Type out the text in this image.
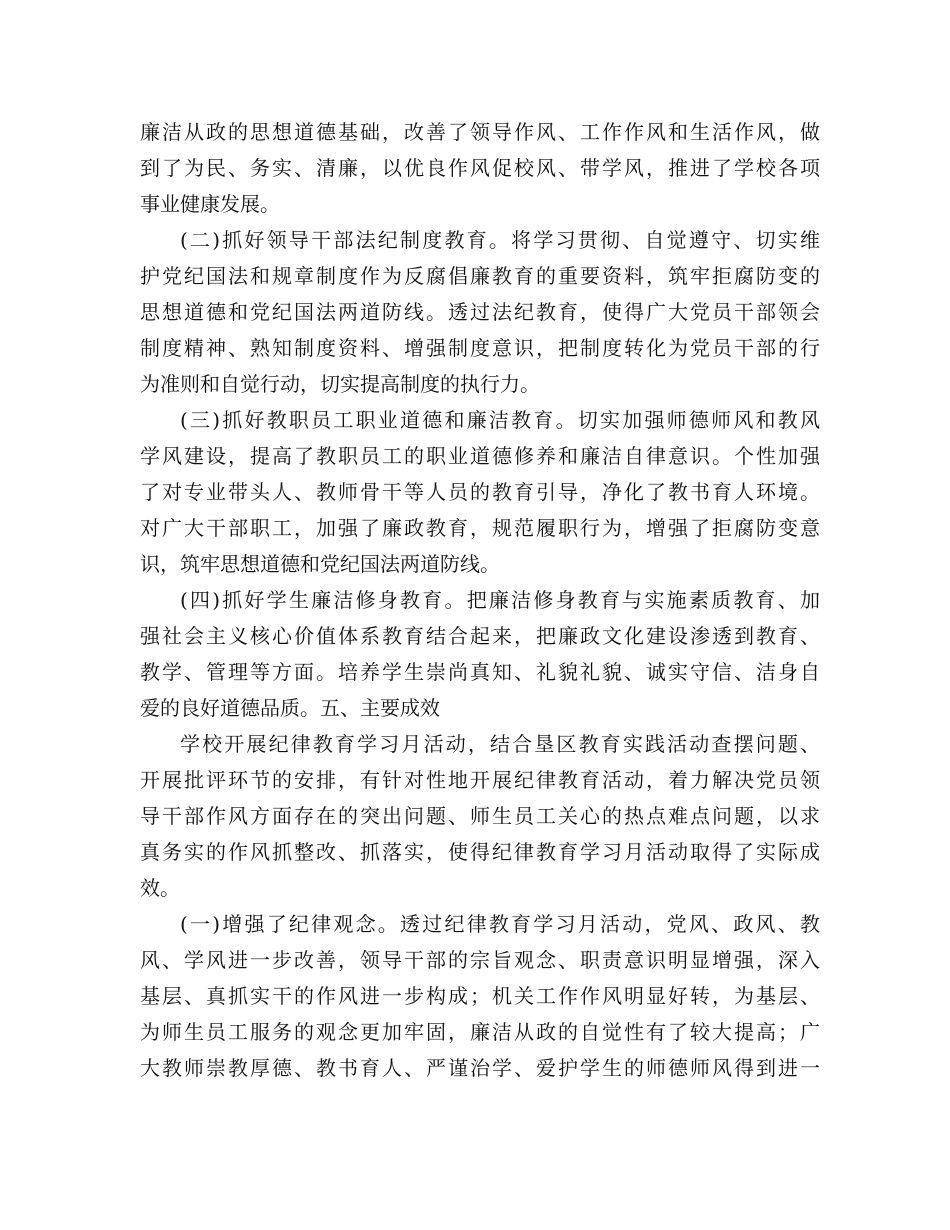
廉洁从政的思想道德基础，改善了领导作风、工作作风和生活作风，做
到了为民、务实、清廉，以优良作风促校风、带学风，推进了学校各项
事业健康发展。
(二)抓好领导干部法纪制度教育。将学习贯彻、自觉遵守、切实维
护党纪国法和规章制度作为反腐倡廉教育的重要资料，筑牢拒腐防变的
思想道德和党纪国法两道防线。透过法纪教育，使得广大党员干部领会
制度精神、熟知制度资料、增强制度意识，把制度转化为党员干部的行
为准则和自觉行动，切实提高制度的执行力。
(三)抓好教职员工职业道德和廉洁教育。切实加强师德师风和教风
学风建设，提高了教职员工的职业道德修养和廉洁自律意识。个性加强
了对专业带头人、教师骨干等人员的教育引导，净化了教书育人环境。
对广大干部职工，加强了廉政教育，规范履职行为，增强了拒腐防变意
识，筑牢思想道德和党纪国法两道防线。
(四)抓好学生廉洁修身教育。把廉洁修身教育与实施素质教育、加
强社会主义核心价值体系教育结合起来，把廉政文化建设渗透到教育、
教学、管理等方面。培养学生崇尚真知、礼貌礼貌、诚实守信、洁身自
爱的良好道德品质。五、主要成效
学校开展纪律教育学习月活动，结合垦区教育实践活动查摆问题、
开展批评环节的安排，有针对性地开展纪律教育活动，着力解决党员领
导干部作风方面存在的突出问题、师生员工关心的热点难点问题，以求
真务实的作风抓整改、抓落实，使得纪律教育学习月活动取得了实际成
效。
(一)增强了纪律观念。透过纪律教育学习月活动，党风、政风、教
风、学风进一步改善，领导干部的宗旨观念、职责意识明显增强，深入
基层、真抓实干的作风进一步构成；机关工作作风明显好转，为基层、
为师生员工服务的观念更加牢固，廉洁从政的自觉性有了较大提高；广
大教师崇教厚德、教书育人、严谨治学、爱护学生的师德师风得到进一
